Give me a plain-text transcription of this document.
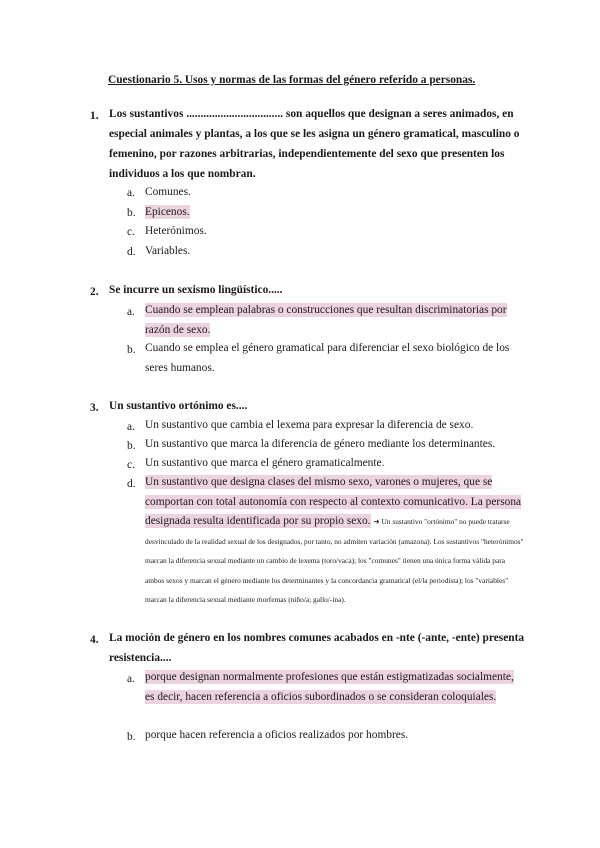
Cuestionario 5. Usos y normas de las formas del género referido a personas.

1. Los sustantivos .................................. son aquellos que designan a seres animados, en especial animales y plantas, a los que se les asigna un género gramatical, masculino o femenino, por razones arbitrarias, independientemente del sexo que presenten los individuos a los que nombran.

a. Comunes.

b. Epicenos.

c. Heterónimos.

d. Variables.

2. Se incurre un sexismo lingüístico.....

a. Cuando se emplean palabras o construcciones que resultan discriminatorias por razón de sexo.

b. Cuando se emplea el género gramatical para diferenciar el sexo biológico de los seres humanos.

3. Un sustantivo ortónimo es....

a. Un sustantivo que cambia el lexema para expresar la diferencia de sexo.

b. Un sustantivo que marca la diferencia de género mediante los determinantes.

c. Un sustantivo que marca el género gramaticalmente.

d. Un sustantivo que designa clases del mismo sexo, varones o mujeres, que se comportan con total autonomía con respecto al contexto comunicativo. La persona designada resulta identificada por su propio sexo. ➔ Un sustantivo "ortónimo" no puede tratarse desvinculado de la realidad sexual de los designados, por tanto, no admiten variación (amazona). Los sustantivos "heterónimos" marcan la diferencia sexual mediante un cambio de lexema (toro/vaca); los "comunes" tienen una única forma válida para ambos sexos y marcan el género mediante los determinantes y la concordancia gramatical (el/la periodista); los "variables" marcan la diferencia sexual mediante morfemas (niño/a; gallo/-ina).

4. La moción de género en los nombres comunes acabados en -nte (-ante, -ente) presenta resistencia....

a. porque designan normalmente profesiones que están estigmatizadas socialmente, es decir, hacen referencia a oficios subordinados o se consideran coloquiales.

b. porque hacen referencia a oficios realizados por hombres.
